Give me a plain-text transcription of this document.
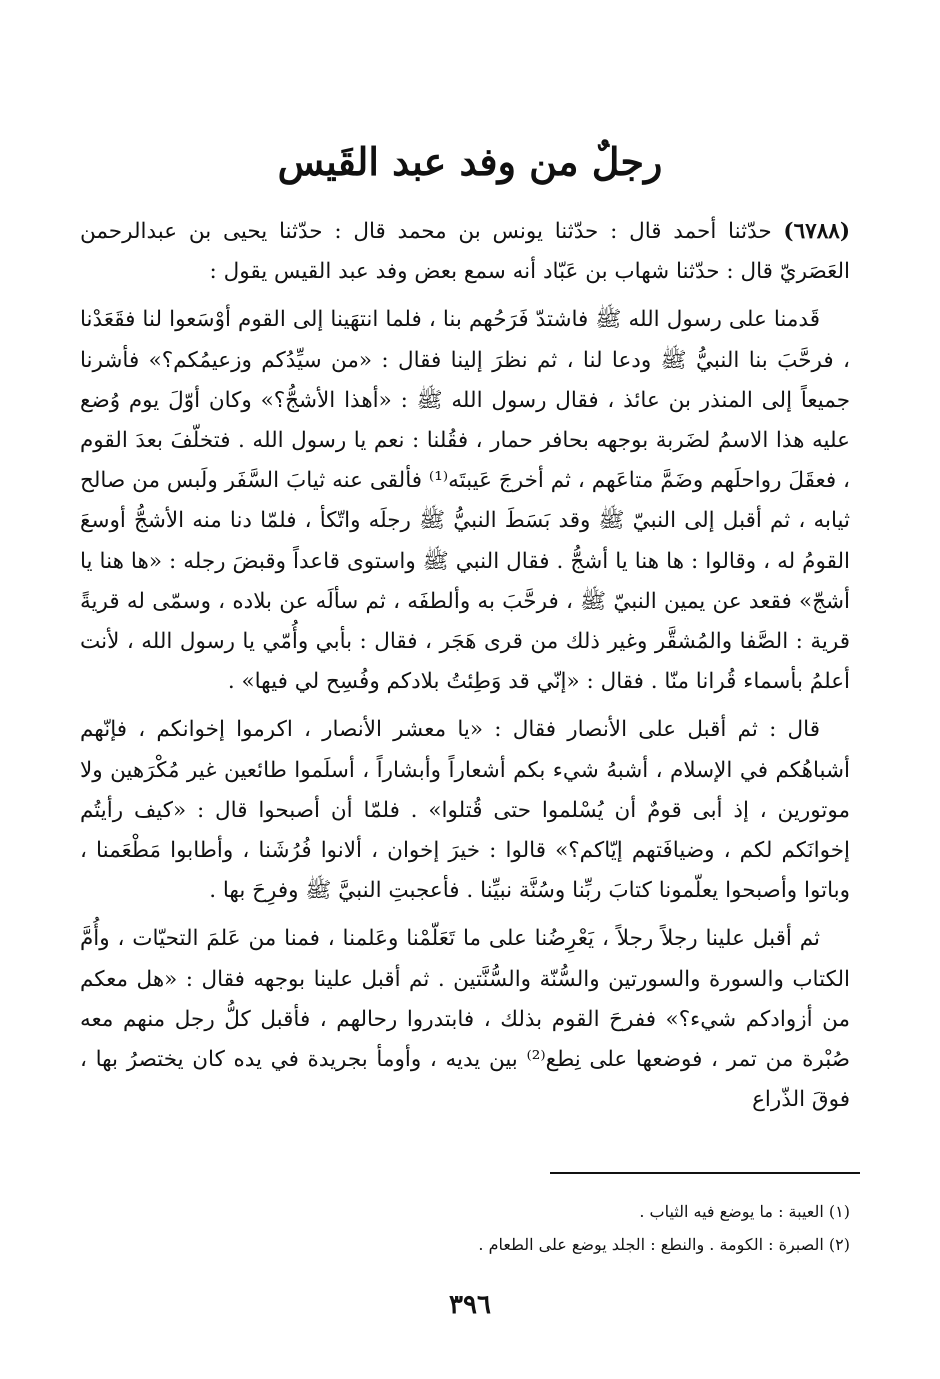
رجلٌ من وفد عبد القَيس

(٦٧٨٨) حدّثنا أحمد قال : حدّثنا يونس بن محمد قال : حدّثنا يحيى بن عبدالرحمن العَصَريّ قال : حدّثنا شهاب بن عَبّاد أنه سمع بعض وفد عبد القيس يقول :

قَدمنا على رسول الله ﷺ فاشتدّ فَرَحُهم بنا ، فلما انتهَينا إلى القوم أوْسَعوا لنا فقَعَدْنا ، فرحَّبَ بنا النبيُّ ﷺ ودعا لنا ، ثم نظرَ إلينا فقال : «من سيِّدُكم وزعيمُكم؟» فأشرنا جميعاً إلى المنذر بن عائذ ، فقال رسول الله ﷺ : «أهذا الأشجُّ؟» وكان أوّلَ يوم وُضع عليه هذا الاسمُ لضَربة بوجهه بحافر حمار ، فقُلنا : نعم يا رسول الله . فتخلّفَ بعدَ القوم ، فعقَلَ رواحلَهم وضَمَّ متاعَهم ، ثم أخرجَ عَيبتَه⁽¹⁾ فألقى عنه ثيابَ السَّفَر ولَبس من صالح ثيابه ، ثم أقبل إلى النبيّ ﷺ وقد بَسَطَ النبيُّ ﷺ رجلَه واتّكأ ، فلمّا دنا منه الأشجُّ أوسعَ القومُ له ، وقالوا : ها هنا يا أشجُّ . فقال النبي ﷺ واستوى قاعداً وقبضَ رجله : «ها هنا يا أشجّ» فقعد عن يمين النبيّ ﷺ ، فرحَّبَ به وألطفَه ، ثم سألَه عن بلاده ، وسمّى له قريةً قرية : الصَّفا والمُشقَّر وغير ذلك من قرى هَجَر ، فقال : بأبي وأُمّي يا رسول الله ، لأنت أعلمُ بأسماء قُرانا منّا . فقال : «إنّي قد وَطِئتُ بلادكم وفُسِح لي فيها» .

قال : ثم أقبل على الأنصار فقال : «يا معشر الأنصار ، اكرموا إخوانكم ، فإنّهم أشباهُكم في الإسلام ، أشبهُ شيء بكم أشعاراً وأبشاراً ، أسلَموا طائعين غير مُكْرَهين ولا موتورين ، إذ أبى قومٌ أن يُسْلموا حتى قُتلوا» . فلمّا أن أصبحوا قال : «كيف رأيتُم إخوانَكم لكم ، وضيافَتهم إيّاكم؟» قالوا : خيرَ إخوان ، ألانوا فُرُشَنا ، وأطابوا مَطْعَمنا ، وباتوا وأصبحوا يعلّمونا كتابَ ربِّنا وسُنَّة نبيِّنا . فأعجبتِ النبيَّ ﷺ وفرِحَ بها .

ثم أقبل علينا رجلاً رجلاً ، يَعْرِضُنا على ما تَعَلّمْنا وعَلمنا ، فمنا من عَلمَ التحيّات ، وأُمَّ الكتاب والسورة والسورتين والسُّنّة والسُّنَّتين . ثم أقبل علينا بوجهه فقال : «هل معكم من أزوادكم شيء؟» ففرحَ القوم بذلك ، فابتدروا رحالهم ، فأقبل كلُّ رجل منهم معه صُبْرة من تمر ، فوضعها على نِطع⁽²⁾ بين يديه ، وأومأ بجريدة في يده كان يختصرُ بها ، فوقَ الذّراع

(١) العيبة : ما يوضع فيه الثياب .
(٢) الصبرة : الكومة . والنطع : الجلد يوضع على الطعام .
٣٩٦
